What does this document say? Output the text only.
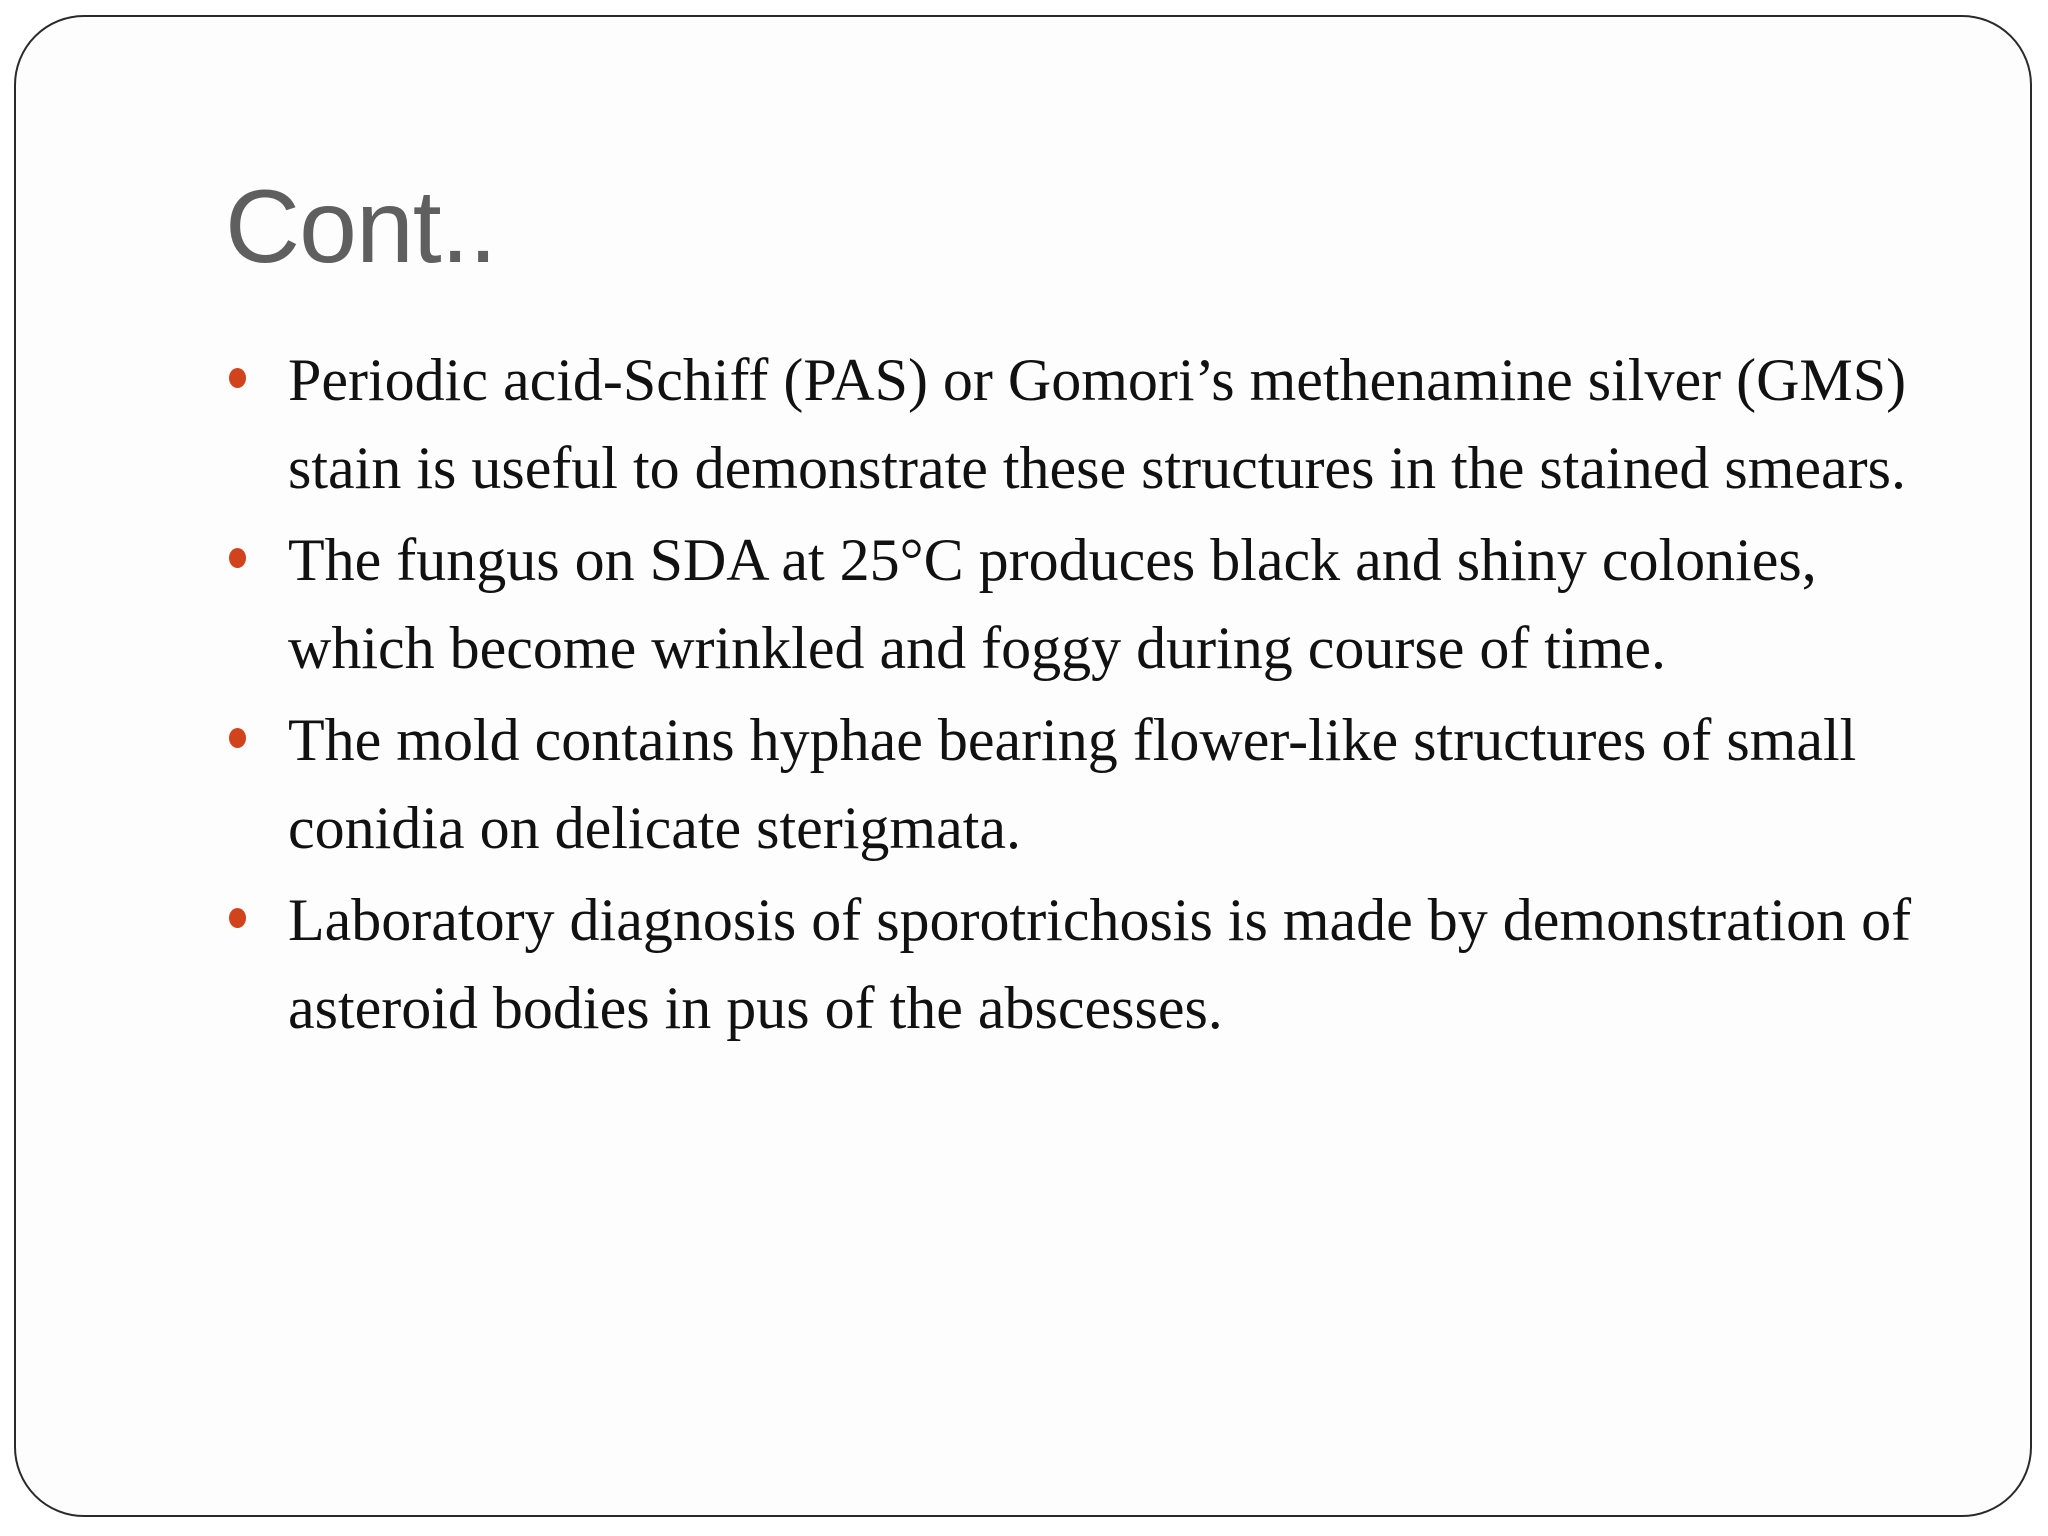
Cont..
Periodic acid-Schiff (PAS) or Gomori’s methenamine silver (GMS) stain is useful to demonstrate these structures in the stained smears.
The fungus on SDA at 25°C produces black and shiny colonies, which become wrinkled and foggy during course of time.
The mold contains hyphae bearing flower-like structures of small conidia on delicate sterigmata.
Laboratory diagnosis of sporotrichosis is made by demonstration of asteroid bodies in pus of the abscesses.
